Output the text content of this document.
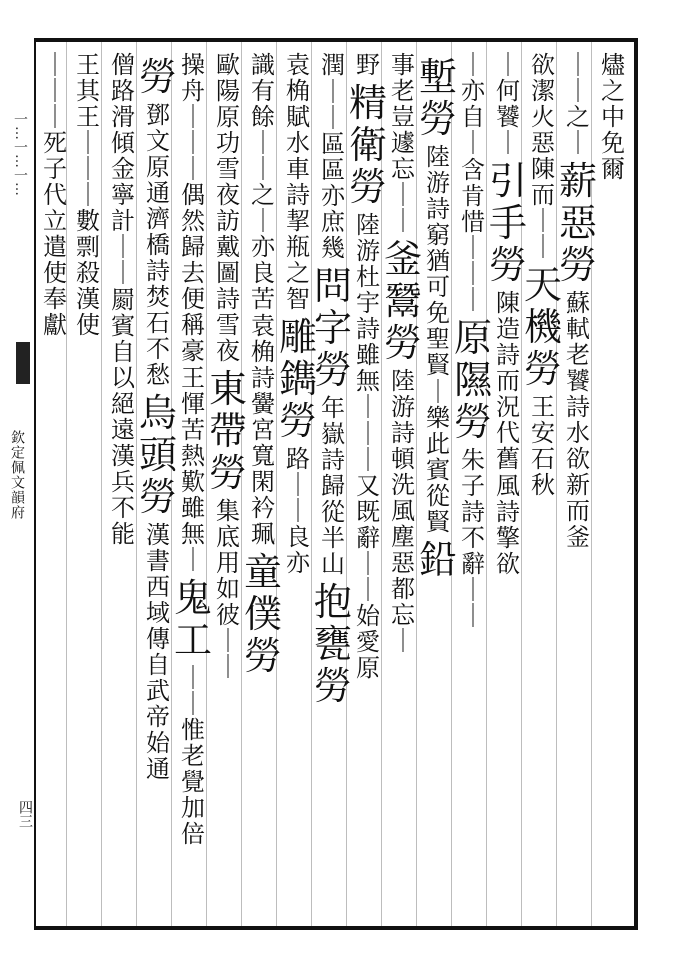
一…一…一…
欽定佩文韻府
四三
燼
之
中
免
爾
｜
｜
之
｜
薪
惡
勞
蘇
軾
老
饕
詩
水
欲
新
而
釜
欲
潔
火
惡
陳
而
｜
｜
天
機
勞
王
安
石
秋
｜
何
饕
｜
引
手
勞
陳
造
詩
而
況
代
舊
風
詩
擎
欲
｜
亦
自
｜
含
肯
惜
｜
｜
｜
原
隰
勞
朱
子
詩
不
辭
｜
｜
塹
勞
陸
游
詩
窮
猶
可
免
聖
賢
｜
樂
此
賓
從
賢
鉛
事
老
豈
遽
忘
｜
｜
釜
鬵
勞
陸
游
詩
頓
洗
風
塵
惡
都
忘
｜
野
精
衛
勞
陸
游
杜
宇
詩
雖
無
｜
｜
｜
又
既
辭
｜
｜
始
愛
原
潤
｜
｜
區
區
亦
庶
幾
問
字
勞
年
嶽
詩
歸
從
半
山
抱
甕
勞
袁
桷
賦
水
車
詩
挈
瓶
之
智
雕
鐫
勞
路
｜
｜
良
亦
識
有
餘
｜
｜
之
｜
亦
良
苦
袁
桷
詩
黌
宮
寬
閑
衿
珮
童
僕
勞
歐
陽
原
功
雪
夜
訪
戴
圖
詩
雪
夜
東
帶
勞
集
底
用
如
彼
｜
｜
操
舟
｜
｜
｜
偶
然
歸
去
便
稱
豪
王
惲
苦
熱
歎
雖
無
｜
鬼
工
｜
｜
惟
老
覺
加
倍
勞
鄧
文
原
通
濟
橋
詩
焚
石
不
愁
烏
頭
勞
漢
書
西
域
傳
自
武
帝
始
通
僧
路
滑
傾
金
寧
計
｜
｜
罽
賓
自
以
絕
遠
漢
兵
不
能
王
其
王
｜
｜
｜
數
剽
殺
漢
使
｜
｜
｜
死
子
代
立
遣
使
奉
獻
